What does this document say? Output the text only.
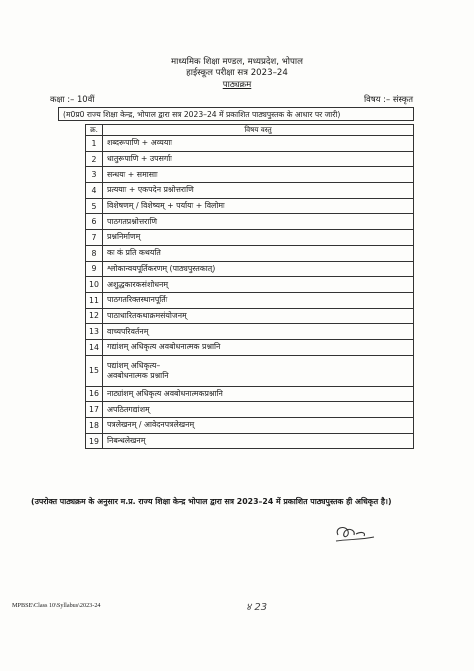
माध्यमिक शिक्षा मण्डल, मध्यप्रदेश, भोपाल
हाईस्कूल परीक्षा सत्र 2023–24
पाठ्यक्रम
कक्षा :– 10वीं	विषय :– संस्कृत
(म0प्र0 राज्य शिक्षा केन्द्र, भोपाल द्वारा सत्र 2023–24 में प्रकाशित पाठ्यपुस्तक के आधार पर जारी)
क्र.	विषय वस्तु
1	शब्दरूपाणि + अव्ययाः
2	धातुरूपाणि + उपसर्गाः
3	सन्धयः + समासाः
4	प्रत्ययाः + एकपदेन प्रश्नोत्तराणि
5	विशेषणम् / विशेष्यम् + पर्यायः + विलोमः
6	पाठगतप्रश्नोत्तराणि
7	प्रश्ननिर्माणम्
8	कः कं प्रति कथयति
9	श्लोकान्वयपूर्तिकरणम् (पाठ्यपुस्तकात्)
10	अशुद्धकारकसंशोधनम्
11	पाठगतरिक्तस्थानपूर्तिः
12	पाठाधारितकथाक्रमसंयोजनम्
13	वाच्यपरिवर्तनम्
14	गद्यांशम् अधिकृत्य अवबोधनात्मक प्रश्नानि
15	पद्यांशम् अधिकृत्य–
अवबोधनात्मक प्रश्नानि

16	नाट्यांशम् अधिकृत्य अवबोधनात्मकप्रश्नानि
17	अपठितगद्यांशम्
18	पत्रलेखनम् / आवेदनपत्रलेखनम्
19	निबन्धलेखनम्
(उपरोक्त पाठ्यक्रम के अनुसार म.प्र. राज्य शिक्षा केन्द्र भोपाल द्वारा सत्र 2023–24 में प्रकाशित पाठ्यपुस्तक ही अधिकृत है।)
MPBSE\Class 10\Syllabus\2023-24	४ 23
